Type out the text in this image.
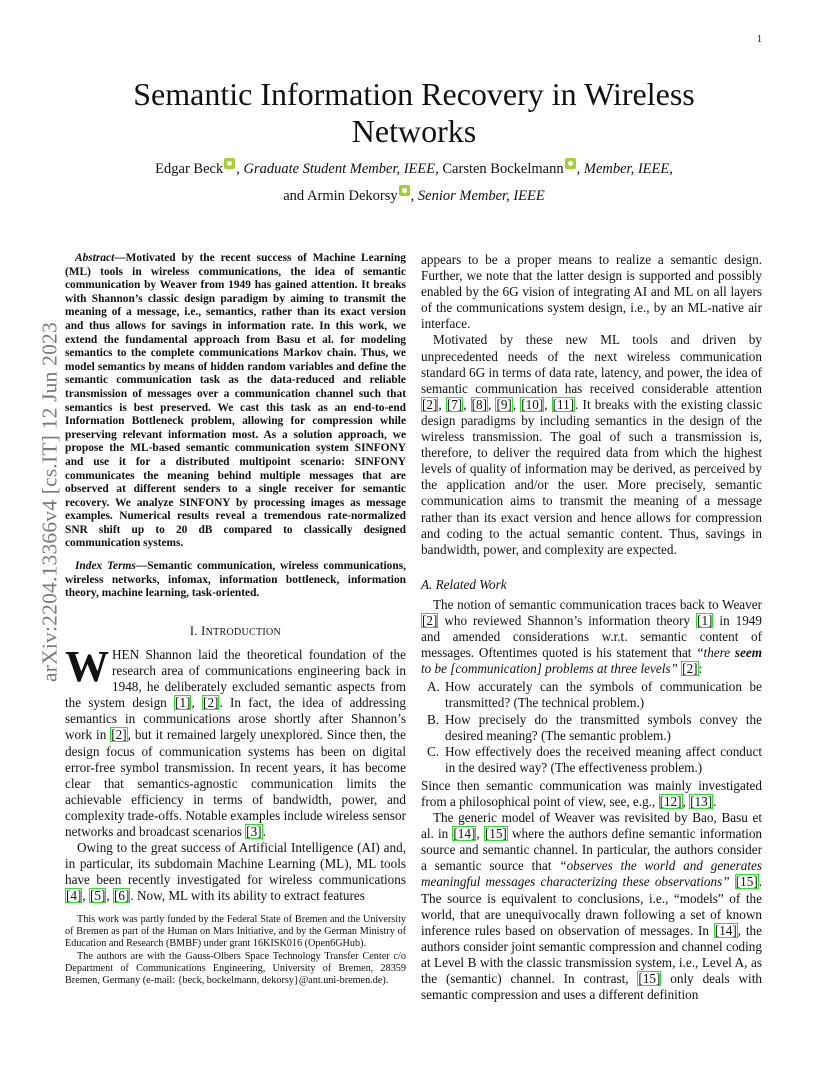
1
arXiv:2204.13366v4 [cs.IT] 12 Jun 2023
Semantic Information Recovery in Wireless Networks
Edgar Beck , Graduate Student Member, IEEE, Carsten Bockelmann , Member, IEEE,
and Armin Dekorsy , Senior Member, IEEE

Abstract—Motivated by the recent success of Machine Learning (ML) tools in wireless communications, the idea of semantic communication by Weaver from 1949 has gained attention. It breaks with Shannon’s classic design paradigm by aiming to transmit the meaning of a message, i.e., semantics, rather than its exact version and thus allows for savings in information rate. In this work, we extend the fundamental approach from Basu et al. for modeling semantics to the complete communications Markov chain. Thus, we model semantics by means of hidden random variables and define the semantic communication task as the data-reduced and reliable transmission of messages over a communication channel such that semantics is best preserved. We cast this task as an end-to-end Information Bottleneck problem, allowing for compression while preserving relevant information most. As a solution approach, we propose the ML-based semantic communication system SINFONY and use it for a distributed multipoint scenario: SINFONY communicates the meaning behind multiple messages that are observed at different senders to a single receiver for semantic recovery. We analyze SINFONY by processing images as message examples. Numerical results reveal a tremendous rate-normalized SNR shift up to 20 dB compared to classically designed communication systems.

Index Terms—Semantic communication, wireless communications, wireless networks, infomax, information bottleneck, information theory, machine learning, task-oriented.

I. INTRODUCTION

WHEN Shannon laid the theoretical foundation of the research area of communications engineering back in 1948, he deliberately excluded semantic aspects from the system design [1], [2]. In fact, the idea of addressing semantics in communications arose shortly after Shannon’s work in [2], but it remained largely unexplored. Since then, the design focus of communication systems has been on digital error-free symbol transmission. In recent years, it has become clear that semantics-agnostic communication limits the achievable efficiency in terms of bandwidth, power, and complexity trade-offs. Notable examples include wireless sensor networks and broadcast scenarios [3].

Owing to the great success of Artificial Intelligence (AI) and, in particular, its subdomain Machine Learning (ML), ML tools have been recently investigated for wireless communications [4], [5], [6]. Now, ML with its ability to extract features

This work was partly funded by the Federal State of Bremen and the University of Bremen as part of the Human on Mars Initiative, and by the German Ministry of Education and Research (BMBF) under grant 16KISK016 (Open6GHub).

The authors are with the Gauss-Olbers Space Technology Transfer Center c/o Department of Communications Engineering, University of Bremen, 28359 Bremen, Germany (e-mail: {beck, bockelmann, dekorsy}@ant.uni-bremen.de).

appears to be a proper means to realize a semantic design. Further, we note that the latter design is supported and possibly enabled by the 6G vision of integrating AI and ML on all layers of the communications system design, i.e., by an ML-native air interface.

Motivated by these new ML tools and driven by unprecedented needs of the next wireless communication standard 6G in terms of data rate, latency, and power, the idea of semantic communication has received considerable attention [2], [7], [8], [9], [10], [11]. It breaks with the existing classic design paradigms by including semantics in the design of the wireless transmission. The goal of such a transmission is, therefore, to deliver the required data from which the highest levels of quality of information may be derived, as perceived by the application and/or the user. More precisely, semantic communication aims to transmit the meaning of a message rather than its exact version and hence allows for compression and coding to the actual semantic content. Thus, savings in bandwidth, power, and complexity are expected.

A. Related Work

The notion of semantic communication traces back to Weaver [2] who reviewed Shannon’s information theory [1] in 1949 and amended considerations w.r.t. semantic content of messages. Oftentimes quoted is his statement that “there seem to be [communication] problems at three levels” [2]:

A. How accurately can the symbols of communication be transmitted? (The technical problem.)
B. How precisely do the transmitted symbols convey the desired meaning? (The semantic problem.)
C. How effectively does the received meaning affect conduct in the desired way? (The effectiveness problem.)

Since then semantic communication was mainly investigated from a philosophical point of view, see, e.g., [12], [13].

The generic model of Weaver was revisited by Bao, Basu et al. in [14], [15] where the authors define semantic information source and semantic channel. In particular, the authors consider a semantic source that “observes the world and generates meaningful messages characterizing these observations” [15]. The source is equivalent to conclusions, i.e., “models” of the world, that are unequivocally drawn following a set of known inference rules based on observation of messages. In [14], the authors consider joint semantic compression and channel coding at Level B with the classic transmission system, i.e., Level A, as the (semantic) channel. In contrast, [15] only deals with semantic compression and uses a different definition
